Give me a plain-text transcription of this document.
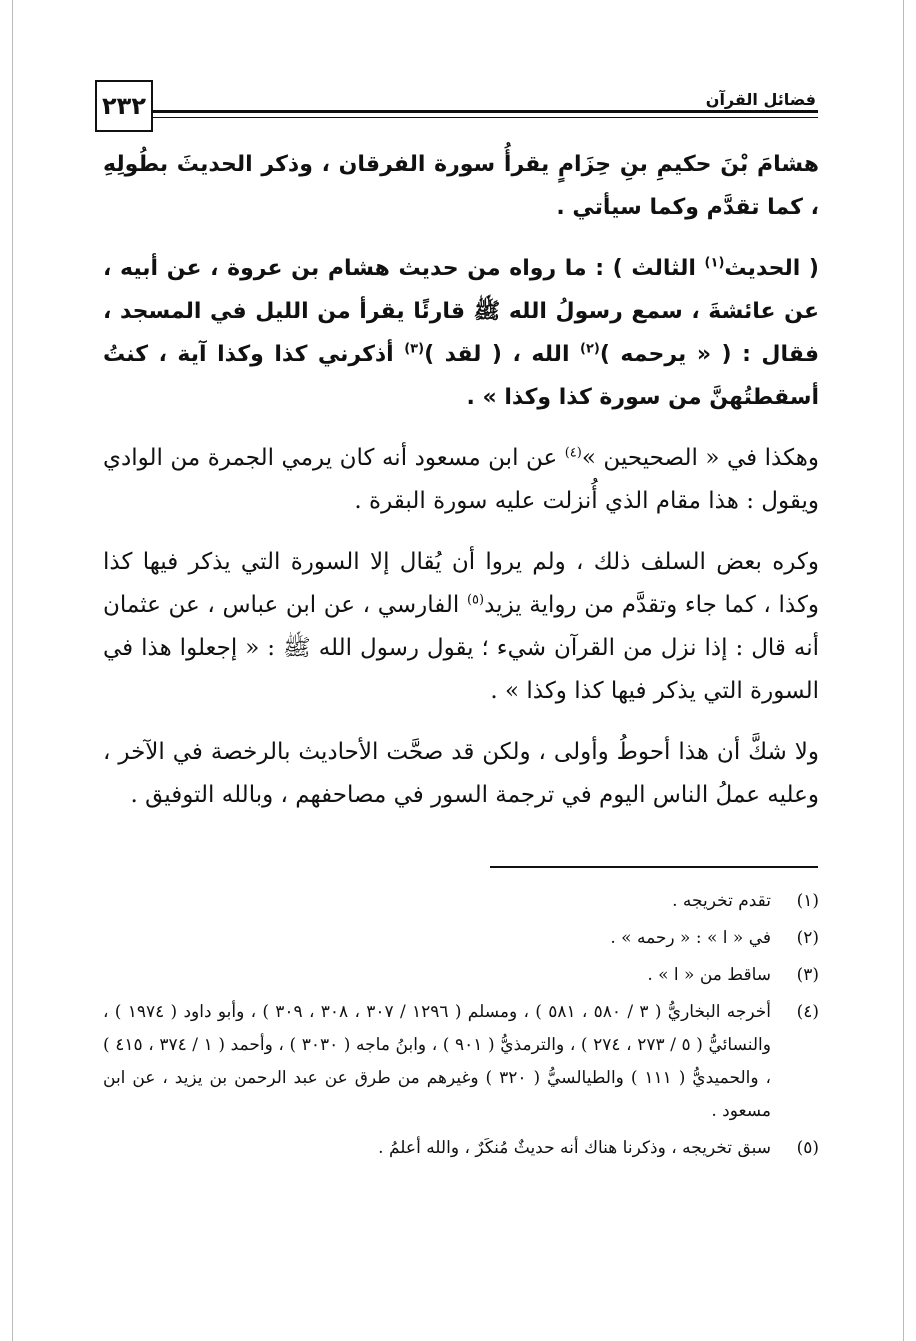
٢٣٢	فضائل القرآن

هشامَ بْنَ حكيمِ بنِ حِزَامٍ يقرأُ سورة الفرقان ، وذكر الحديثَ بطُولِهِ ، كما تقدَّم وكما سيأتي .

( الحديث$^{(١)}$ الثالث ) : ما رواه من حديث هشام بن عروة ، عن أبيه ، عن عائشةَ ، سمع رسولُ الله ﷺ قارئًا يقرأ من الليل في المسجد ، فقال : ( « يرحمه )$^{(٢)}$ الله ، ( لقد )$^{(٣)}$ أذكرني كذا وكذا آية ، كنتُ أسقطتُهنَّ من سورة كذا وكذا » .

وهكذا في « الصحيحين »$^{(٤)}$ عن ابن مسعود أنه كان يرمي الجمرة من الوادي ويقول : هذا مقام الذي أُنزلت عليه سورة البقرة .

وكره بعض السلف ذلك ، ولم يروا أن يُقال إلا السورة التي يذكر فيها كذا وكذا ، كما جاء وتقدَّم من رواية يزيد$^{(٥)}$ الفارسي ، عن ابن عباس ، عن عثمان أنه قال : إذا نزل من القرآن شيء ؛ يقول رسول الله ﷺ : « إجعلوا هذا في السورة التي يذكر فيها كذا وكذا » .

ولا شكَّ أن هذا أحوطُ وأولى ، ولكن قد صحَّت الأحاديث بالرخصة في الآخر ، وعليه عملُ الناس اليوم في ترجمة السور في مصاحفهم ، وبالله التوفيق .

(١)
تقدم تخريجه .
(٢)
في « ا » : « رحمه » .
(٣)
ساقط من « ا » .
(٤)
أخرجه البخاريُّ ( ٣ / ٥٨٠ ، ٥٨١ ) ، ومسلم ( ١٢٩٦ / ٣٠٧ ، ٣٠٨ ، ٣٠٩ ) ، وأبو داود ( ١٩٧٤ ) ، والنسائيُّ ( ٥ / ٢٧٣ ، ٢٧٤ ) ، والترمذيُّ ( ٩٠١ ) ، وابنُ ماجه ( ٣٠٣٠ ) ، وأحمد ( ١ / ٣٧٤ ، ٤١٥ ) ، والحميديُّ ( ١١١ ) والطيالسيُّ ( ٣٢٠ ) وغيرهم من طرق عن عبد الرحمن بن يزيد ، عن ابن مسعود .
(٥)
سبق تخريجه ، وذكرنا هناك أنه حديثٌ مُنكَرٌ ، والله أعلمُ .
